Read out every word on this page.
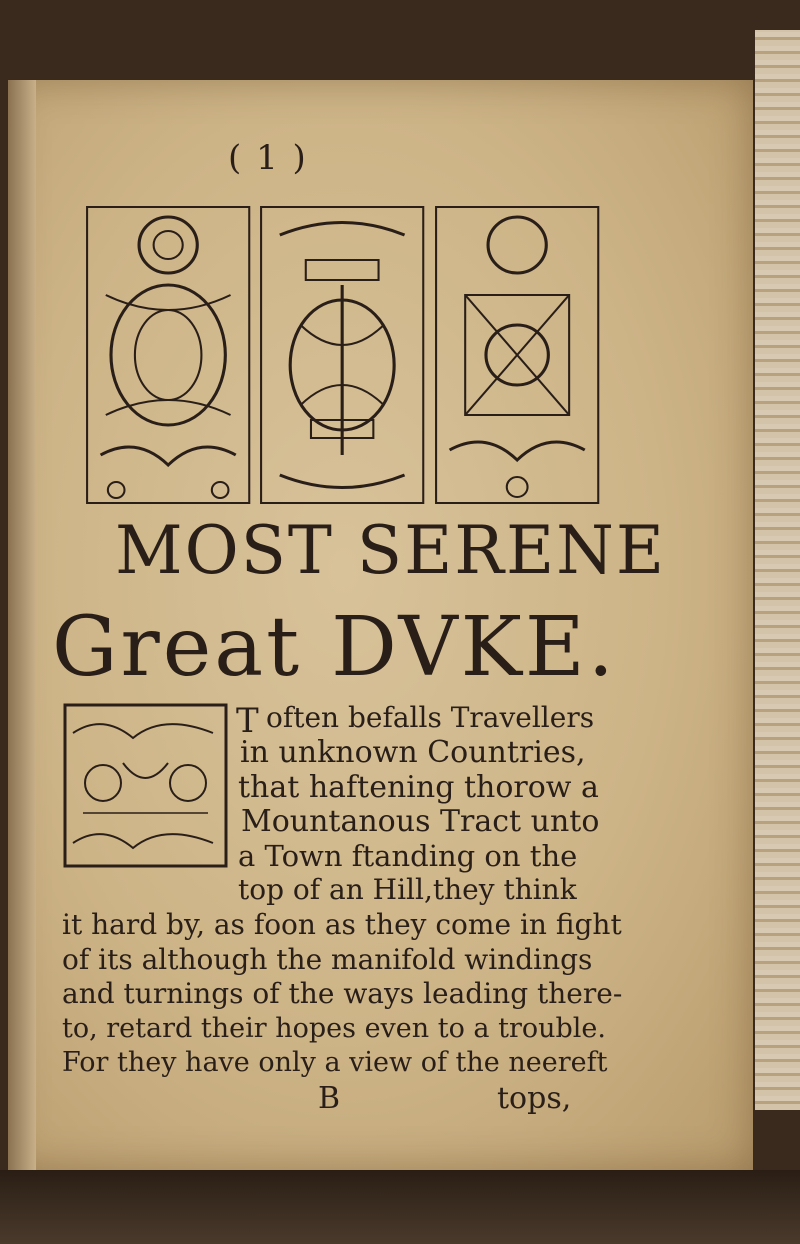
( 1 )
MOST SERENE
Great DVKE.
T often befalls Travellers
in unknown Countries,
that haftening thorow a
Mountanous Tract unto
a Town ftanding on the
top of an Hill,they think
it hard by, as foon as they come in fight
of its although the manifold windings
and turnings of the ways leading there-
to, retard their hopes even to a trouble.
For they have only a view of the neereft
B	tops,
